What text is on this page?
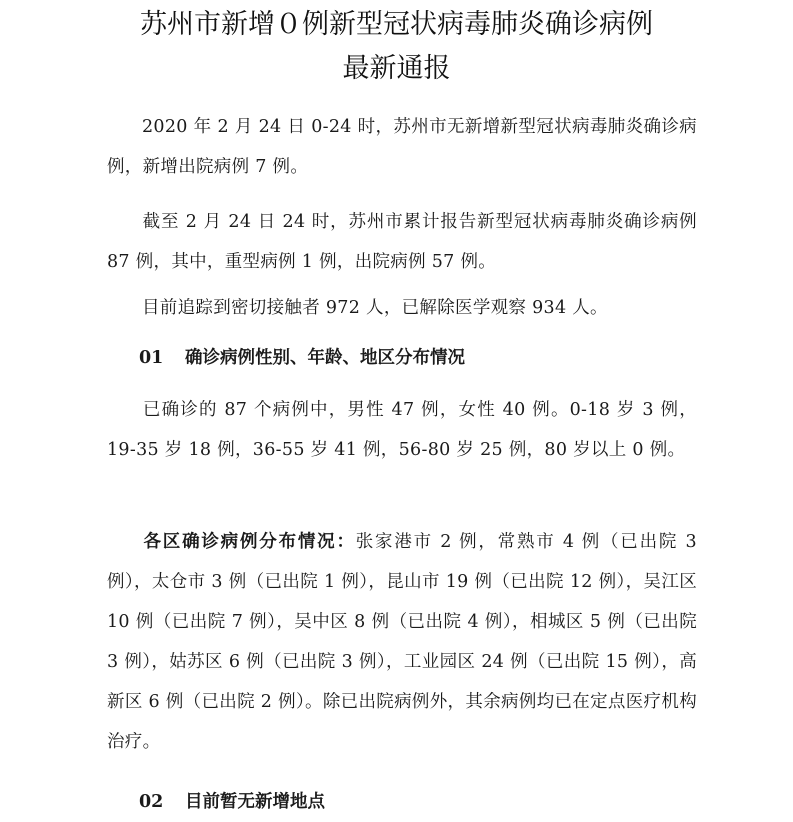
苏州市新增０例新型冠状病毒肺炎确诊病例
最新通报
2020 年 2 月 24 日 0-24 时，苏州市无新增新型冠状病毒肺炎确诊病例，新增出院病例 7 例。
截至 2 月 24 日 24 时，苏州市累计报告新型冠状病毒肺炎确诊病例 87 例，其中，重型病例 1 例，出院病例 57 例。
目前追踪到密切接触者 972 人，已解除医学观察 934 人。
01 确诊病例性别、年龄、地区分布情况
已确诊的 87 个病例中，男性 47 例，女性 40 例。0-18 岁 3 例，19-35 岁 18 例，36-55 岁 41 例，56-80 岁 25 例，80 岁以上 0 例。
各区确诊病例分布情况：张家港市 2 例，常熟市 4 例（已出院 3 例），太仓市 3 例（已出院 1 例），昆山市 19 例（已出院 12 例），吴江区 10 例（已出院 7 例），吴中区 8 例（已出院 4 例），相城区 5 例（已出院 3 例），姑苏区 6 例（已出院 3 例），工业园区 24 例（已出院 15 例），高新区 6 例（已出院 2 例）。除已出院病例外，其余病例均已在定点医疗机构治疗。
02 目前暂无新增地点
